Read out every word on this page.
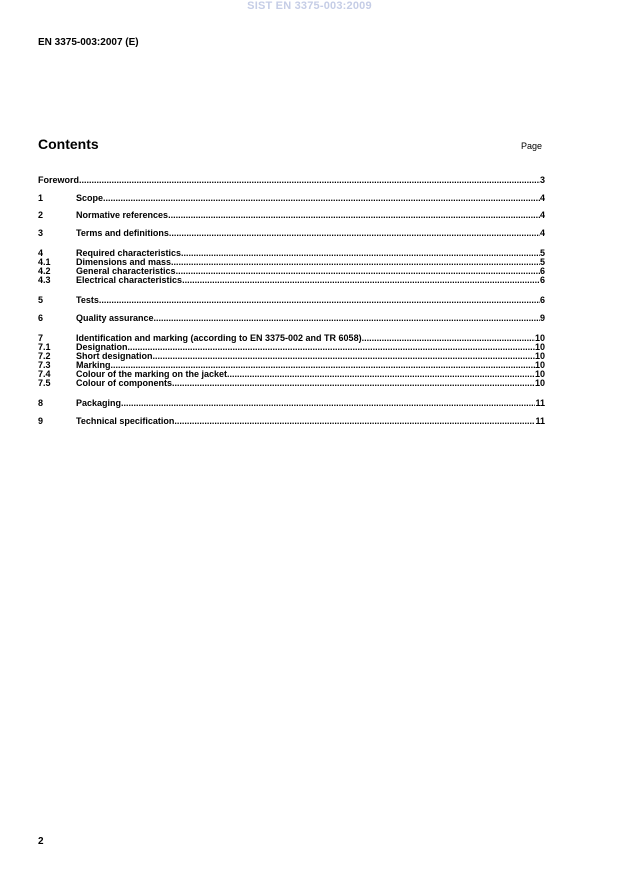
SIST EN 3375-003:2009
EN 3375-003:2007 (E)
Contents	Page
Foreword .....	3
1	Scope .....	4
2	Normative references .....	4
3	Terms and definitions .....	4
4	Required characteristics .....	5
4.1	Dimensions and mass .....	5
4.2	General characteristics .....	6
4.3	Electrical characteristics .....	6
5	Tests .....	6
6	Quality assurance .....	9
7	Identification and marking (according to EN 3375-002 and TR 6058) .....	10
7.1	Designation .....	10
7.2	Short designation .....	10
7.3	Marking .....	10
7.4	Colour of the marking on the jacket .....	10
7.5	Colour of components .....	10
8	Packaging .....	11
9	Technical specification .....	11
2
